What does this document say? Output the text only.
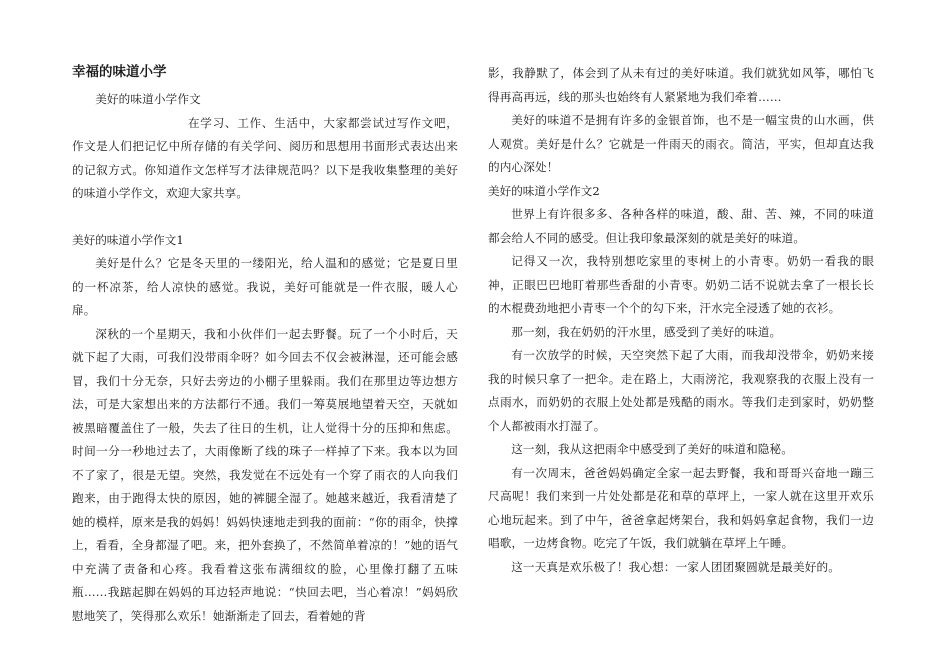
幸福的味道小学

美好的味道小学作文

在学习、工作、生活中，大家都尝试过写作文吧，作文是人们把记忆中所存储的有关学问、阅历和思想用书面形式表达出来的记叙方式。你知道作文怎样写才法律规范吗？以下是我收集整理的美好的味道小学作文，欢迎大家共享。

美好的味道小学作文1

美好是什么？它是冬天里的一缕阳光，给人温和的感觉；它是夏日里的一杯凉茶，给人凉快的感觉。我说，美好可能就是一件衣服，暖人心扉。

深秋的一个星期天，我和小伙伴们一起去野餐。玩了一个小时后，天就下起了大雨，可我们没带雨伞呀？如今回去不仅会被淋湿，还可能会感冒，我们十分无奈，只好去旁边的小棚子里躲雨。我们在那里边等边想方法，可是大家想出来的方法都行不通。我们一筹莫展地望着天空，天就如被黑暗覆盖住了一般，失去了往日的生机，让人觉得十分的压抑和焦虑。时间一分一秒地过去了，大雨像断了线的珠子一样掉了下来。我本以为回不了家了，很是无望。突然，我发觉在不远处有一个穿了雨衣的人向我们跑来，由于跑得太快的原因，她的裤腿全湿了。她越来越近，我看清楚了她的模样，原来是我的妈妈！妈妈快速地走到我的面前：“你的雨伞，快撑上，看看，全身都湿了吧。来，把外套换了，不然简单着凉的！”她的语气中充满了责备和心疼。我看着这张布满细纹的脸，心里像打翻了五味瓶……我踮起脚在妈妈的耳边轻声地说：“快回去吧，当心着凉！”妈妈欣慰地笑了，笑得那么欢乐！她渐渐走了回去，看着她的背

影，我静默了，体会到了从未有过的美好味道。我们就犹如风筝，哪怕飞得再高再远，线的那头也始终有人紧紧地为我们牵着……

美好的味道不是拥有许多的金银首饰，也不是一幅宝贵的山水画，供人观赏。美好是什么？它就是一件雨天的雨衣。简洁，平实，但却直达我的内心深处！

美好的味道小学作文2

世界上有许很多多、各种各样的味道，酸、甜、苦、辣，不同的味道都会给人不同的感受。但让我印象最深刻的就是美好的味道。

记得又一次，我特别想吃家里的枣树上的小青枣。奶奶一看我的眼神，正眼巴巴地盯着那些香甜的小青枣。奶奶二话不说就去拿了一根长长的木棍费劲地把小青枣一个个的勾下来，汗水完全浸透了她的衣衫。

那一刻，我在奶奶的汗水里，感受到了美好的味道。

有一次放学的时候，天空突然下起了大雨，而我却没带伞，奶奶来接我的时候只拿了一把伞。走在路上，大雨滂沱，我观察我的衣服上没有一点雨水，而奶奶的衣服上处处都是残酷的雨水。等我们走到家时，奶奶整个人都被雨水打湿了。

这一刻，我从这把雨伞中感受到了美好的味道和隐秘。

有一次周末，爸爸妈妈确定全家一起去野餐，我和哥哥兴奋地一蹦三尺高呢！我们来到一片处处都是花和草的草坪上，一家人就在这里开欢乐心地玩起来。到了中午，爸爸拿起烤架台，我和妈妈拿起食物，我们一边唱歌，一边烤食物。吃完了午饭，我们就躺在草坪上午睡。

这一天真是欢乐极了！我心想：一家人团团聚圆就是最美好的。
